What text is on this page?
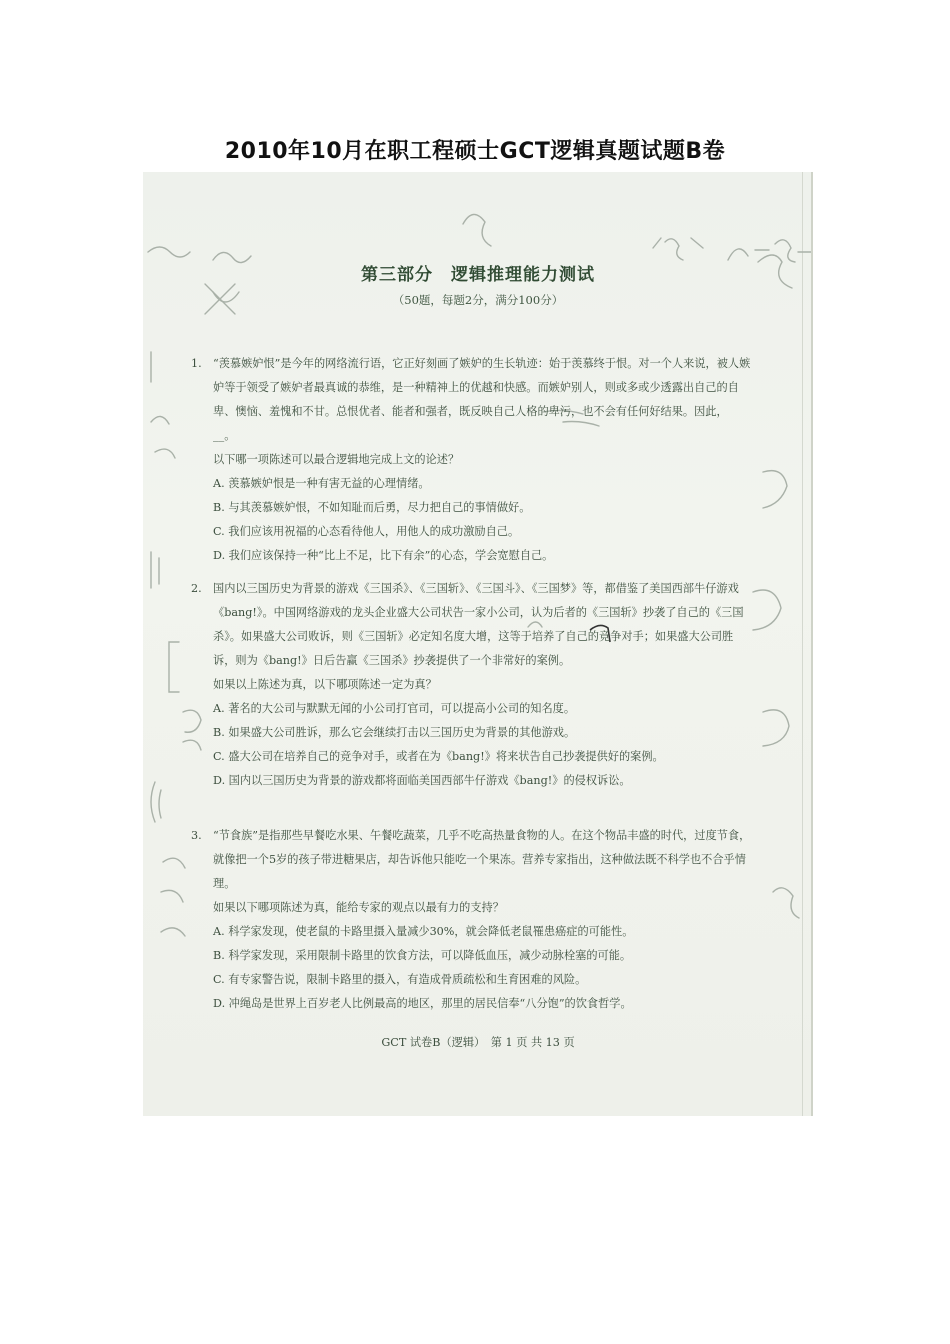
2010年10月在职工程硕士GCT逻辑真题试题B卷
第三部分　逻辑推理能力测试
（50题，每题2分，满分100分）
1. “羡慕嫉妒恨”是今年的网络流行语，它正好刻画了嫉妒的生长轨迹：始于羡慕终于恨。对一个人来说，被人嫉妒等于领受了嫉妒者最真诚的恭维，是一种精神上的优越和快感。而嫉妒别人，则或多或少透露出自己的自卑、懊恼、羞愧和不甘。总恨优者、能者和强者，既反映自己人格的卑污，也不会有任何好结果。因此，　　__。
以下哪一项陈述可以最合逻辑地完成上文的论述？
A. 羡慕嫉妒恨是一种有害无益的心理情绪。
B. 与其羡慕嫉妒恨，不如知耻而后勇，尽力把自己的事情做好。
C. 我们应该用祝福的心态看待他人，用他人的成功激励自己。
D. 我们应该保持一种“比上不足，比下有余”的心态，学会宽慰自己。
2. 国内以三国历史为背景的游戏《三国杀》、《三国斩》、《三国斗》、《三国梦》等，都借鉴了美国西部牛仔游戏《bang!》。中国网络游戏的龙头企业盛大公司状告一家小公司，认为后者的《三国斩》抄袭了自己的《三国杀》。如果盛大公司败诉，则《三国斩》必定知名度大增，这等于培养了自己的竞争对手；如果盛大公司胜诉，则为《bang!》日后告赢《三国杀》抄袭提供了一个非常好的案例。
如果以上陈述为真，以下哪项陈述一定为真？
A. 著名的大公司与默默无闻的小公司打官司，可以提高小公司的知名度。
B. 如果盛大公司胜诉，那么它会继续打击以三国历史为背景的其他游戏。
C. 盛大公司在培养自己的竞争对手，或者在为《bang!》将来状告自己抄袭提供好的案例。
D. 国内以三国历史为背景的游戏都将面临美国西部牛仔游戏《bang!》的侵权诉讼。
3. “节食族”是指那些早餐吃水果、午餐吃蔬菜，几乎不吃高热量食物的人。在这个物品丰盛的时代，过度节食，就像把一个5岁的孩子带进糖果店，却告诉他只能吃一个果冻。营养专家指出，这种做法既不科学也不合乎情理。
如果以下哪项陈述为真，能给专家的观点以最有力的支持？
A. 科学家发现，使老鼠的卡路里摄入量减少30%，就会降低老鼠罹患癌症的可能性。
B. 科学家发现，采用限制卡路里的饮食方法，可以降低血压，减少动脉栓塞的可能。
C. 有专家警告说，限制卡路里的摄入，有造成骨质疏松和生育困难的风险。
D. 冲绳岛是世界上百岁老人比例最高的地区，那里的居民信奉“八分饱”的饮食哲学。
GCT 试卷B（逻辑）　第 1 页 共 13 页
